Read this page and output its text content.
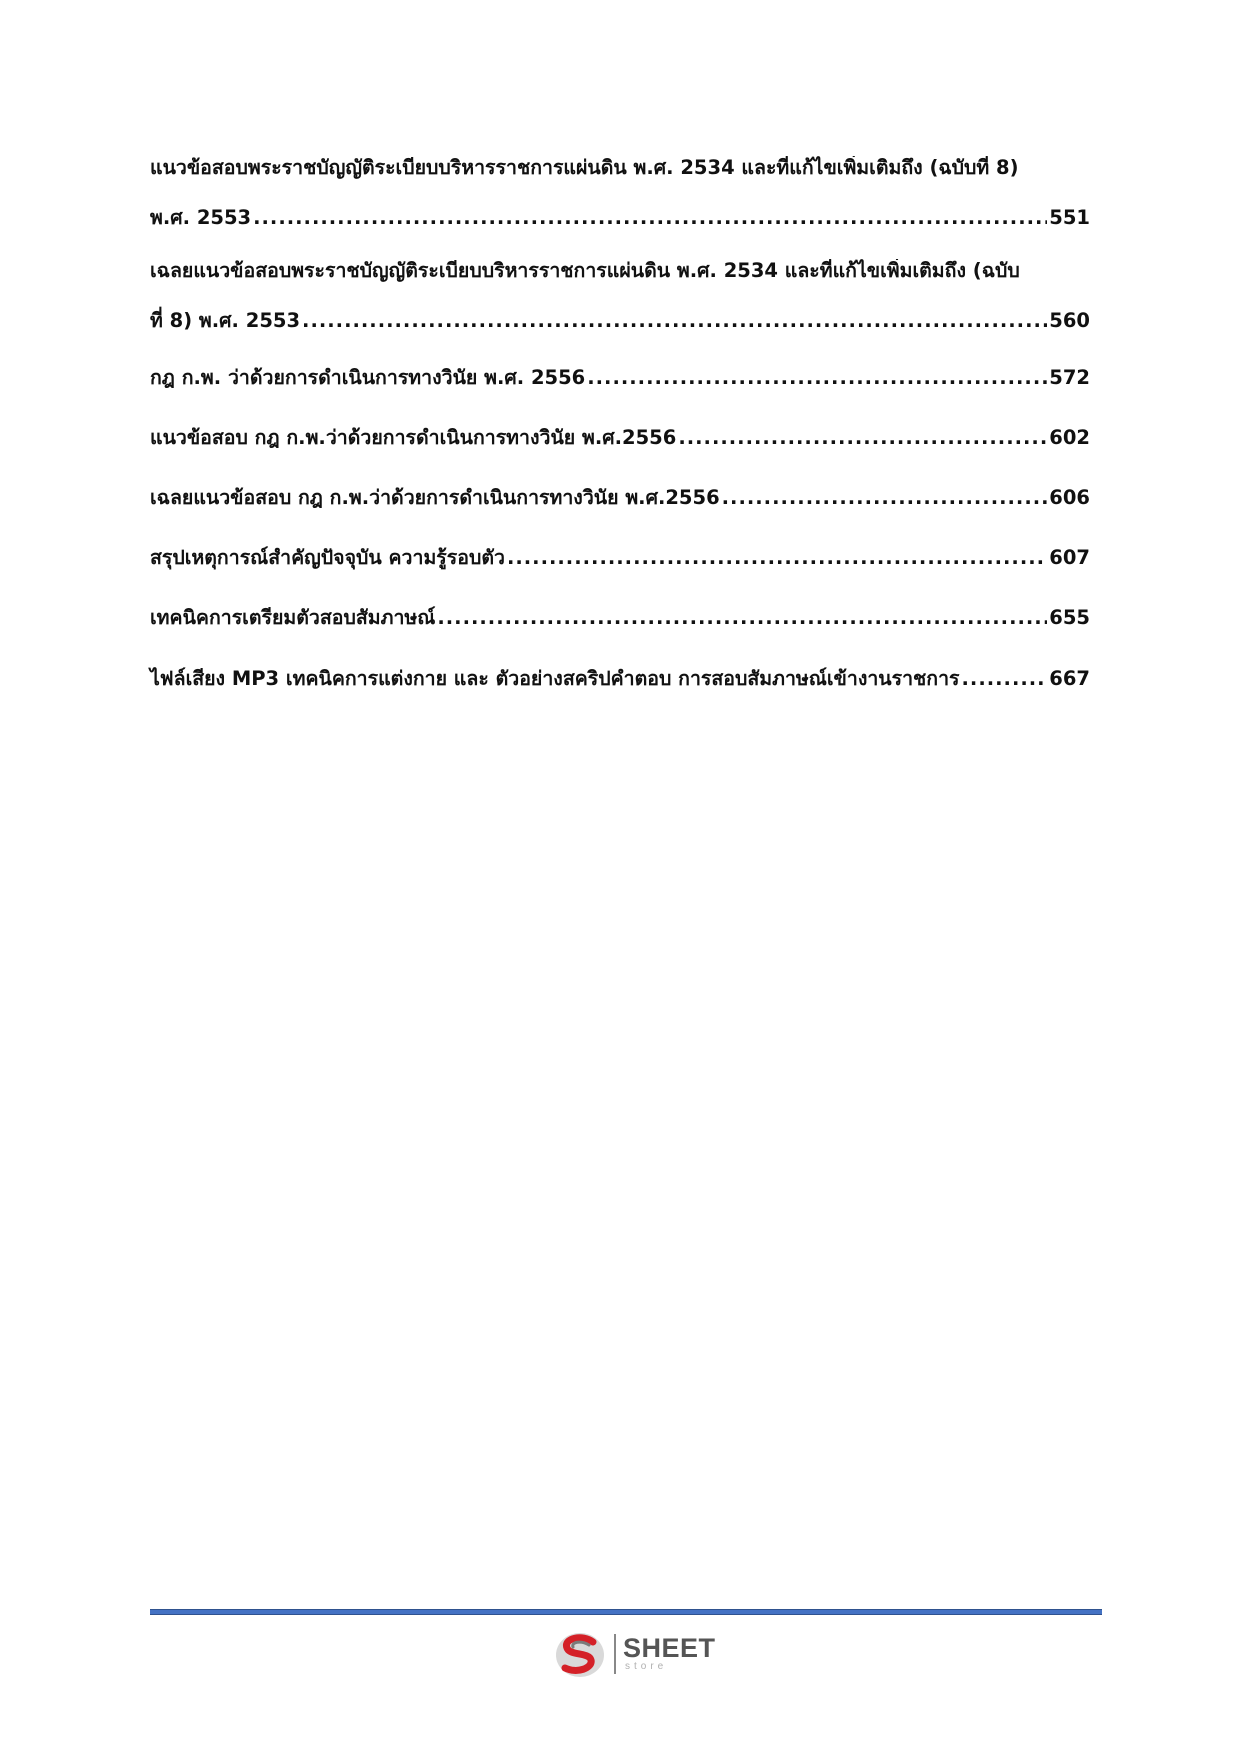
แนวข้อสอบพระราชบัญญัติระเบียบบริหารราชการแผ่นดิน พ.ศ. 2534 และที่แก้ไขเพิ่มเติมถึง (ฉบับที่ 8)
พ.ศ. 2553 .....	551
เฉลยแนวข้อสอบพระราชบัญญัติระเบียบบริหารราชการแผ่นดิน พ.ศ. 2534 และที่แก้ไขเพิ่มเติมถึง (ฉบับ
ที่ 8) พ.ศ. 2553 .....	560
กฎ ก.พ. ว่าด้วยการดำเนินการทางวินัย พ.ศ. 2556 .....	572
แนวข้อสอบ กฎ ก.พ.ว่าด้วยการดำเนินการทางวินัย พ.ศ.2556 .....	602
เฉลยแนวข้อสอบ กฎ ก.พ.ว่าด้วยการดำเนินการทางวินัย พ.ศ.2556 .....	606
สรุปเหตุการณ์สำคัญปัจจุบัน ความรู้รอบตัว .....	607
เทคนิคการเตรียมตัวสอบสัมภาษณ์ .....	655
ไฟล์เสียง MP3 เทคนิคการแต่งกาย และ ตัวอย่างสคริปคำตอบ การสอบสัมภาษณ์เข้างานราชการ .....	667
SHEET
store
